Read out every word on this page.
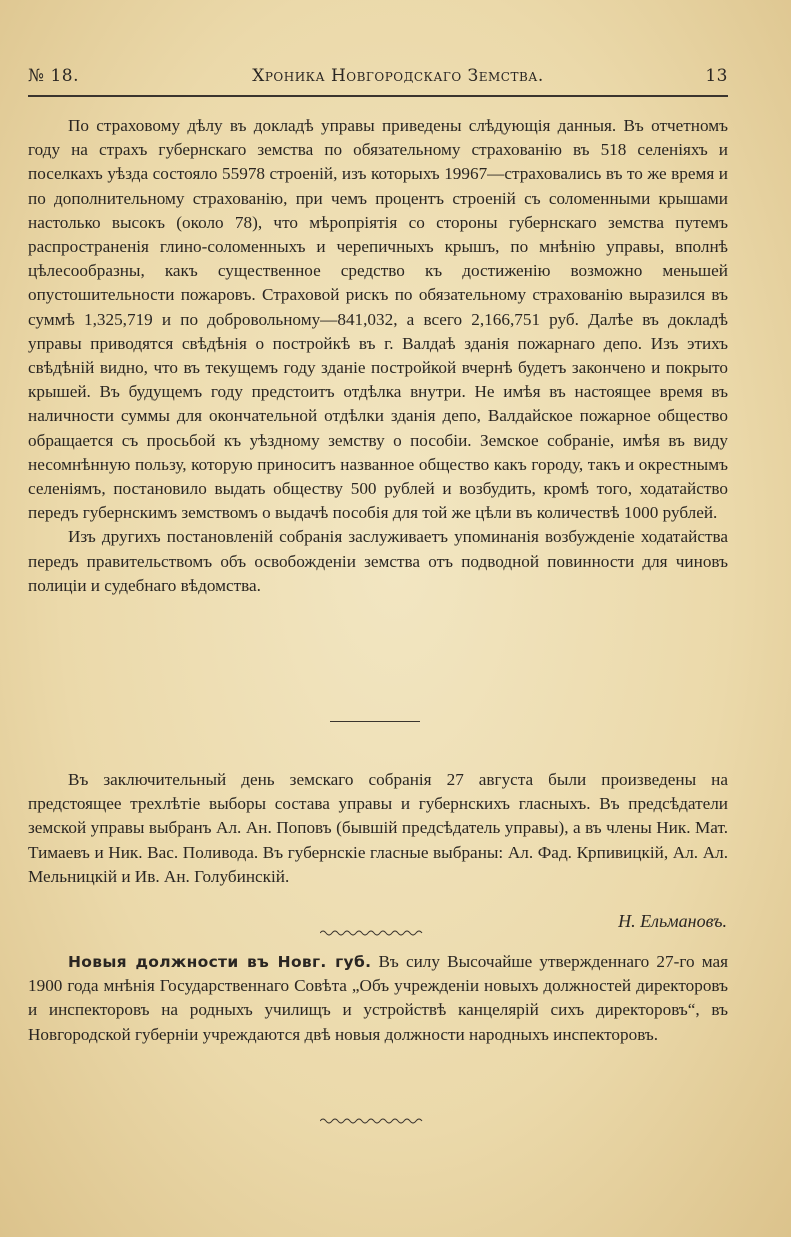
№ 18.	Хроника Новгородскаго Земства.	13

По страховому дѣлу въ докладѣ управы приведены слѣдующія данныя. Въ отчетномъ году на страхъ губернскаго земства по обязательному страхованію въ 518 селеніяхъ и поселкахъ уѣзда состояло 55978 строеній, изъ которыхъ 19967—страховались въ то же время и по дополнительному страхованію, при чемъ процентъ строеній съ соломенными крышами настолько высокъ (около 78), что мѣропріятія со стороны губернскаго земства путемъ распространенія глино-соломенныхъ и черепичныхъ крышъ, по мнѣнію управы, вполнѣ цѣлесообразны, какъ существенное средство къ достиженію возможно меньшей опустошительности пожаровъ. Страховой рискъ по обязательному страхованію выразился въ суммѣ 1,325,719 и по добровольному—841,032, а всего 2,166,751 руб. Далѣе въ докладѣ управы приводятся свѣдѣнія о постройкѣ въ г. Валдаѣ зданія пожарнаго депо. Изъ этихъ свѣдѣній видно, что въ текущемъ году зданіе постройкой вчернѣ будетъ закончено и покрыто крышей. Въ будущемъ году предстоитъ отдѣлка внутри. Не имѣя въ настоящее время въ наличности суммы для окончательной отдѣлки зданія депо, Валдайское пожарное общество обращается съ просьбой къ уѣздному земству о пособіи. Земское собраніе, имѣя въ виду несомнѣнную пользу, которую приноситъ названное общество какъ городу, такъ и окрестнымъ селеніямъ, постановило выдать обществу 500 рублей и возбудить, кромѣ того, ходатайство передъ губернскимъ земствомъ о выдачѣ пособія для той же цѣли въ количествѣ 1000 рублей.

Изъ другихъ постановленій собранія заслуживаетъ упоминанія возбужденіе ходатайства передъ правительствомъ объ освобожденіи земства отъ подводной повинности для чиновъ полиціи и судебнаго вѣдомства.

Въ заключительный день земскаго собранія 27 августа были произведены на предстоящее трехлѣтіе выборы состава управы и губернскихъ гласныхъ. Въ предсѣдатели земской управы выбранъ Ал. Ан. Поповъ (бывшій предсѣдатель управы), а въ члены Ник. Мат. Тимаевъ и Ник. Вас. Поливода. Въ губернскіе гласные выбраны: Ал. Фад. Крпивицкій, Ал. Ал. Мельницкій и Ив. Ан. Голубинскій.

Н. Ельмановъ.

Новыя должности въ Новг. губ. Въ силу Высочайше утвержденнаго 27-го мая 1900 года мнѣнія Государственнаго Совѣта „Объ учрежденіи новыхъ должностей директоровъ и инспекторовъ на родныхъ училищъ и устройствѣ канцелярій сихъ директоровъ“, въ Новгородской губерніи учреждаются двѣ новыя должности народныхъ инспекторовъ.
